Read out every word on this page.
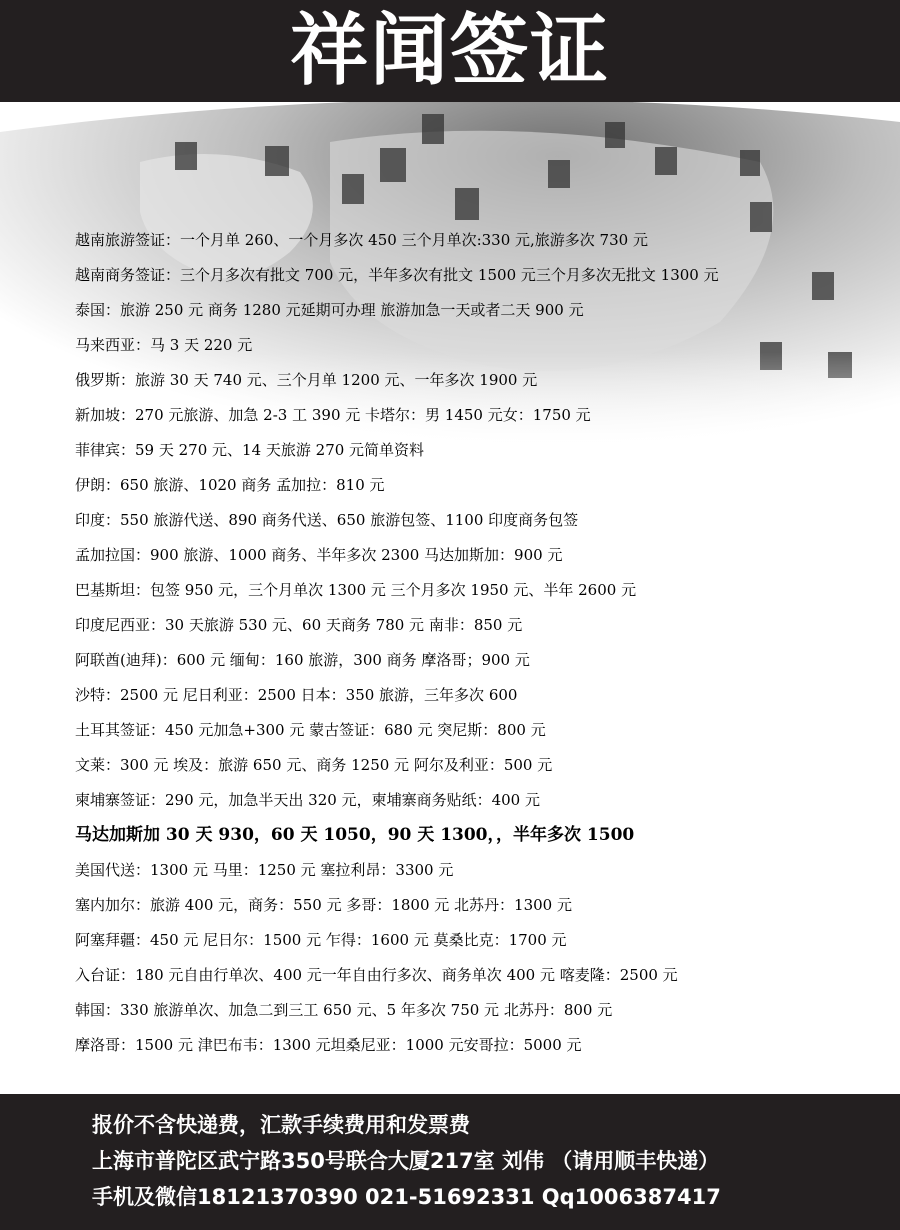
祥闻签证
越南旅游签证：一个月单 260、一个月多次 450 三个月单次:330 元,旅游多次 730 元
越南商务签证：三个月多次有批文 700 元，半年多次有批文 1500 元三个月多次无批文 1300 元
泰国：旅游 250 元 商务 1280 元延期可办理 旅游加急一天或者二天 900 元
马来西亚：马 3 天 220 元
俄罗斯：旅游 30 天 740 元、三个月单 1200 元、一年多次 1900 元
新加坡：270 元旅游、加急 2-3 工 390 元 卡塔尔：男 1450 元女：1750 元
菲律宾：59 天 270 元、14 天旅游 270 元简单资料
伊朗：650 旅游、1020 商务 孟加拉：810 元
印度：550 旅游代送、890 商务代送、650 旅游包签、1100 印度商务包签
孟加拉国：900 旅游、1000 商务、半年多次 2300 马达加斯加：900 元
巴基斯坦：包签 950 元，三个月单次 1300 元 三个月多次 1950 元、半年 2600 元
印度尼西亚：30 天旅游 530 元、60 天商务 780 元 南非：850 元
阿联酋(迪拜)：600 元 缅甸：160 旅游，300 商务 摩洛哥；900 元
沙特：2500 元 尼日利亚：2500 日本：350 旅游，三年多次 600
土耳其签证：450 元加急+300 元 蒙古签证：680 元 突尼斯：800 元
文莱：300 元 埃及：旅游 650 元、商务 1250 元 阿尔及利亚：500 元
柬埔寨签证：290 元，加急半天出 320 元，柬埔寨商务贴纸：400 元
马达加斯加 30 天 930，60 天 1050，90 天 1300，，半年多次 1500
美国代送：1300 元 马里：1250 元 塞拉利昂：3300 元
塞内加尔：旅游 400 元，商务：550 元 多哥：1800 元 北苏丹：1300 元
阿塞拜疆：450 元 尼日尔：1500 元 乍得：1600 元 莫桑比克：1700 元
入台证：180 元自由行单次、400 元一年自由行多次、商务单次 400 元 喀麦隆：2500 元
韩国：330 旅游单次、加急二到三工 650 元、5 年多次 750 元 北苏丹：800 元
摩洛哥：1500 元 津巴布韦：1300 元坦桑尼亚：1000 元安哥拉：5000 元
报价不含快递费，汇款手续费用和发票费
上海市普陀区武宁路350号联合大厦217室 刘伟 （请用顺丰快递）
手机及微信18121370390 021-51692331 Qq1006387417
